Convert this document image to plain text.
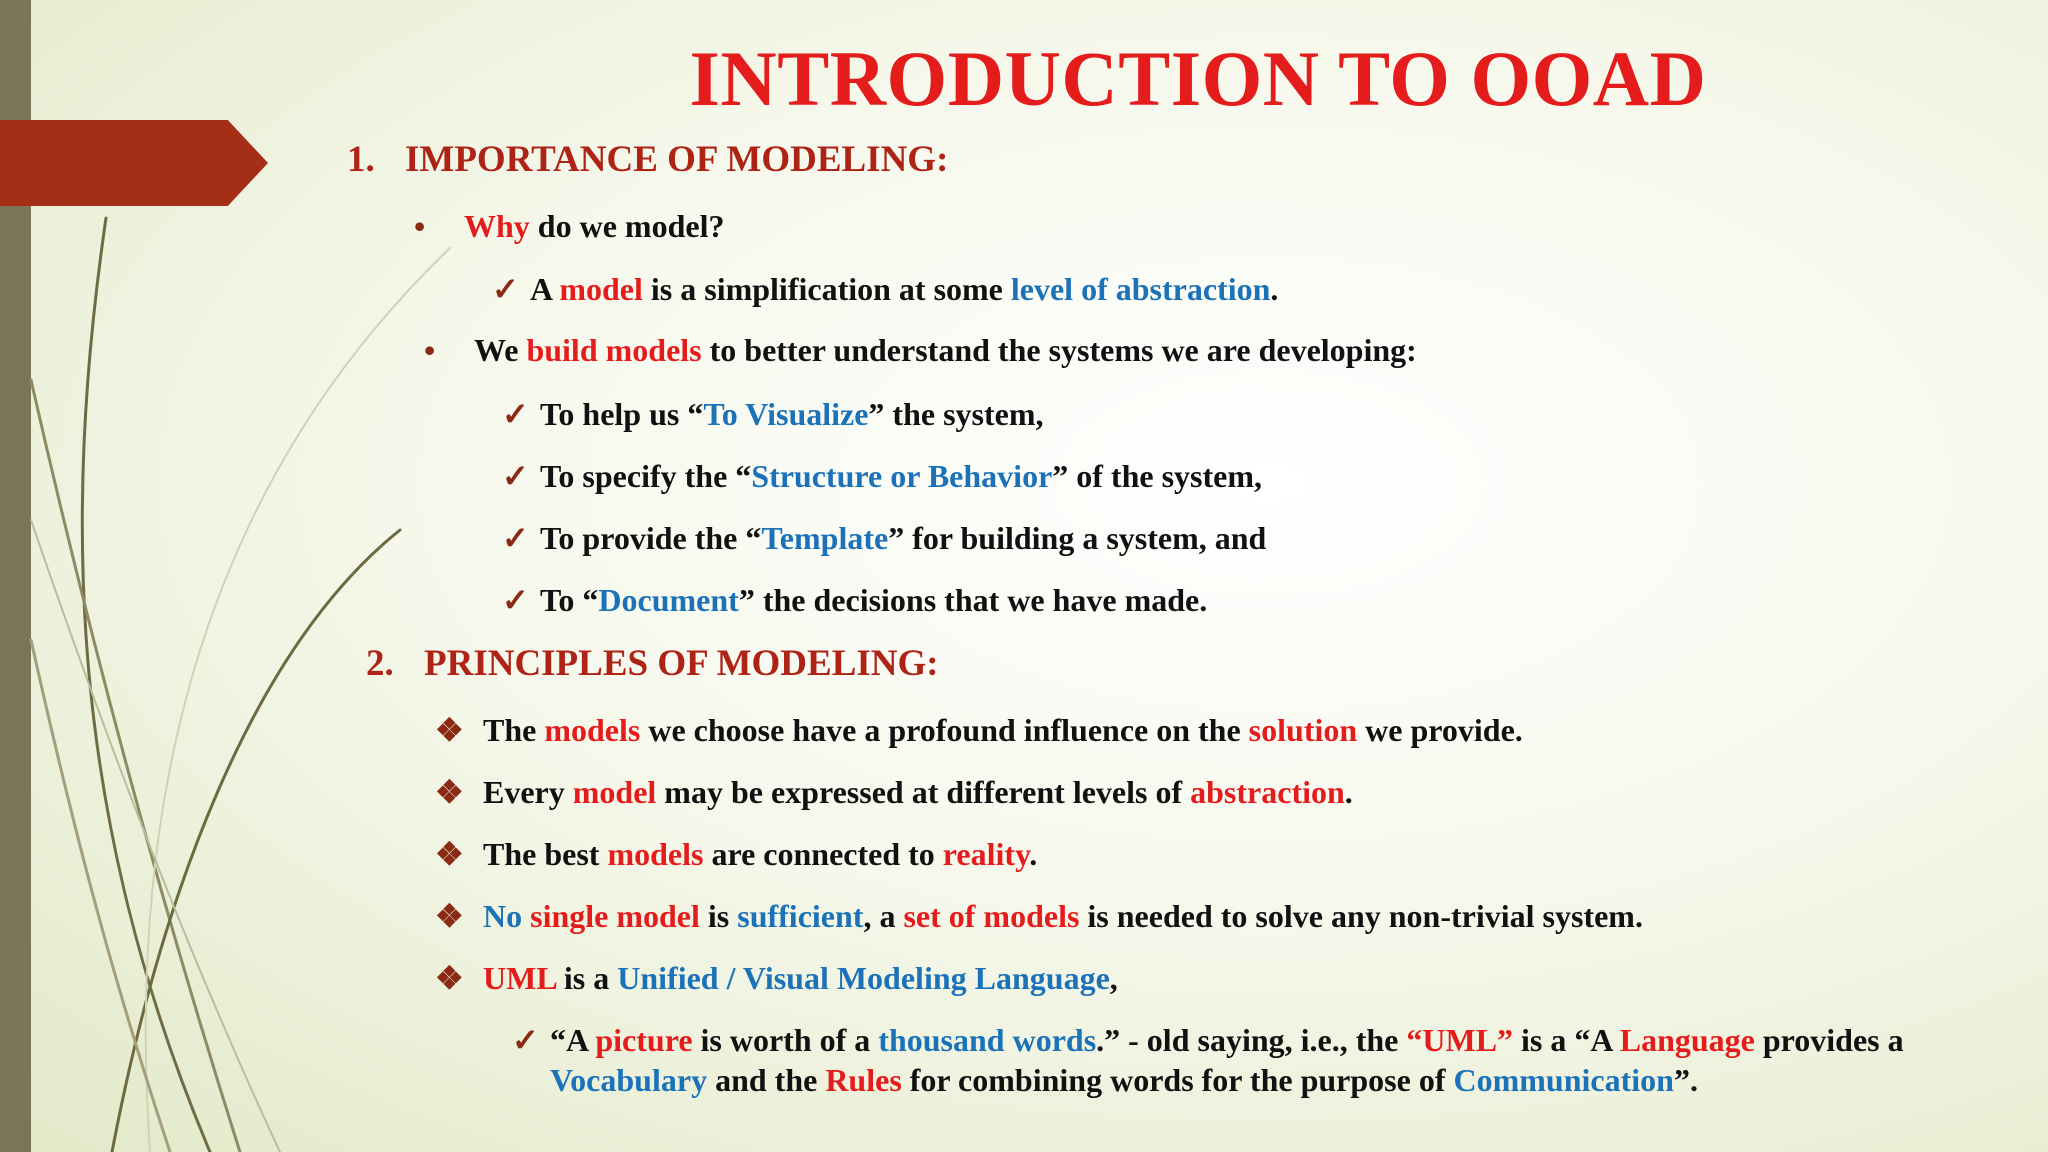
INTRODUCTION TO OOAD
1. IMPORTANCE OF MODELING:
• Why do we model?
✓ A model is a simplification at some level of abstraction.
• We build models to better understand the systems we are developing:
✓ To help us “To Visualize” the system,
✓ To specify the “Structure or Behavior” of the system,
✓ To provide the “Template” for building a system, and
✓ To “Document” the decisions that we have made.
2. PRINCIPLES OF MODELING:
❖ The models we choose have a profound influence on the solution we provide.
❖ Every model may be expressed at different levels of abstraction.
❖ The best models are connected to reality.
❖ No single model is sufficient, a set of models is needed to solve any non-trivial system.
❖ UML is a Unified / Visual Modeling Language,
✓ “A picture is worth of a thousand words.” - old saying, i.e., the “UML” is a “A Language provides a
Vocabulary and the Rules for combining words for the purpose of Communication”.
